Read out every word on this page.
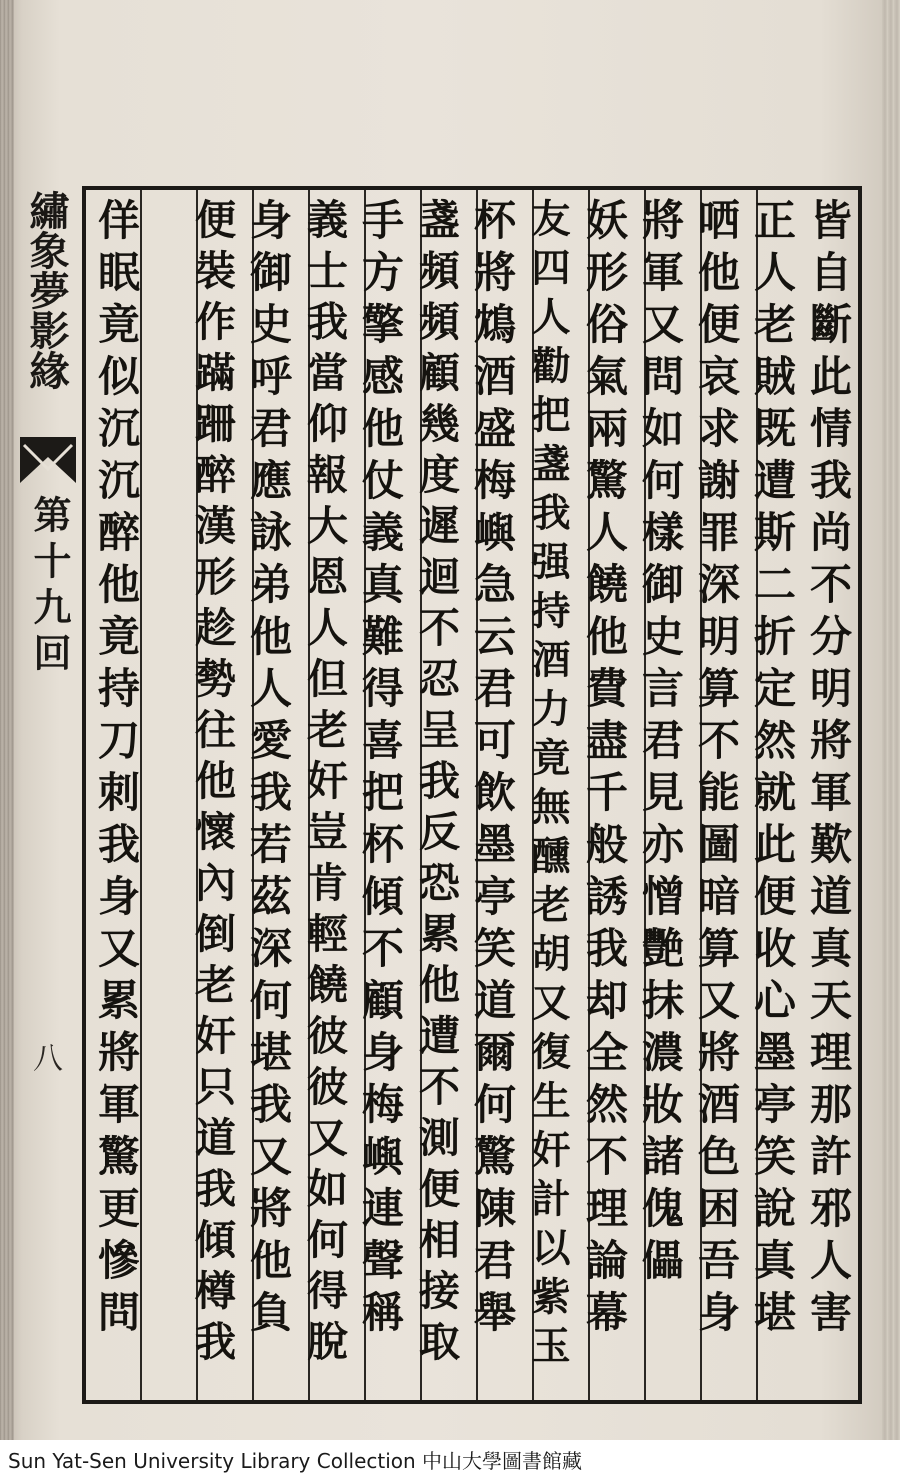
繡象夢影緣
第十九回
八	皆自斷此情我尚不分明將軍歎道真天理那許邪人害
正人老賊既遭斯二折定然就此便收心墨亭笑說真堪
哂他便哀求謝罪深明算不能圖暗算又將酒色困吾身
將軍又問如何樣御史言君見亦憎艷抹濃妝諸傀儡
妖形俗氣兩驚人饒他費盡千般誘我却全然不理論幕
友四人勸把盞我强持酒力竟無醺老胡又復生奸計以紫玉
杯將鴆酒盛梅嶼急云君可飲墨亭笑道爾何驚陳君舉
盞頻頻顧幾度遲迴不忍呈我反恐累他遭不測便相接取
手方擎感他仗義真難得喜把杯傾不顧身梅嶼連聲稱
義士我當仰報大恩人但老奸豈肯輕饒彼彼又如何得脫
身御史呼君應詠弟他人愛我若茲深何堪我又將他負
便裝作蹣跚醉漢形趁勢往他懷內倒老奸只道我傾樽我
佯眠竟似沉沉醉他竟持刀刺我身又累將軍驚更慘問
Sun Yat-Sen University Library Collection 中山大學圖書館藏
